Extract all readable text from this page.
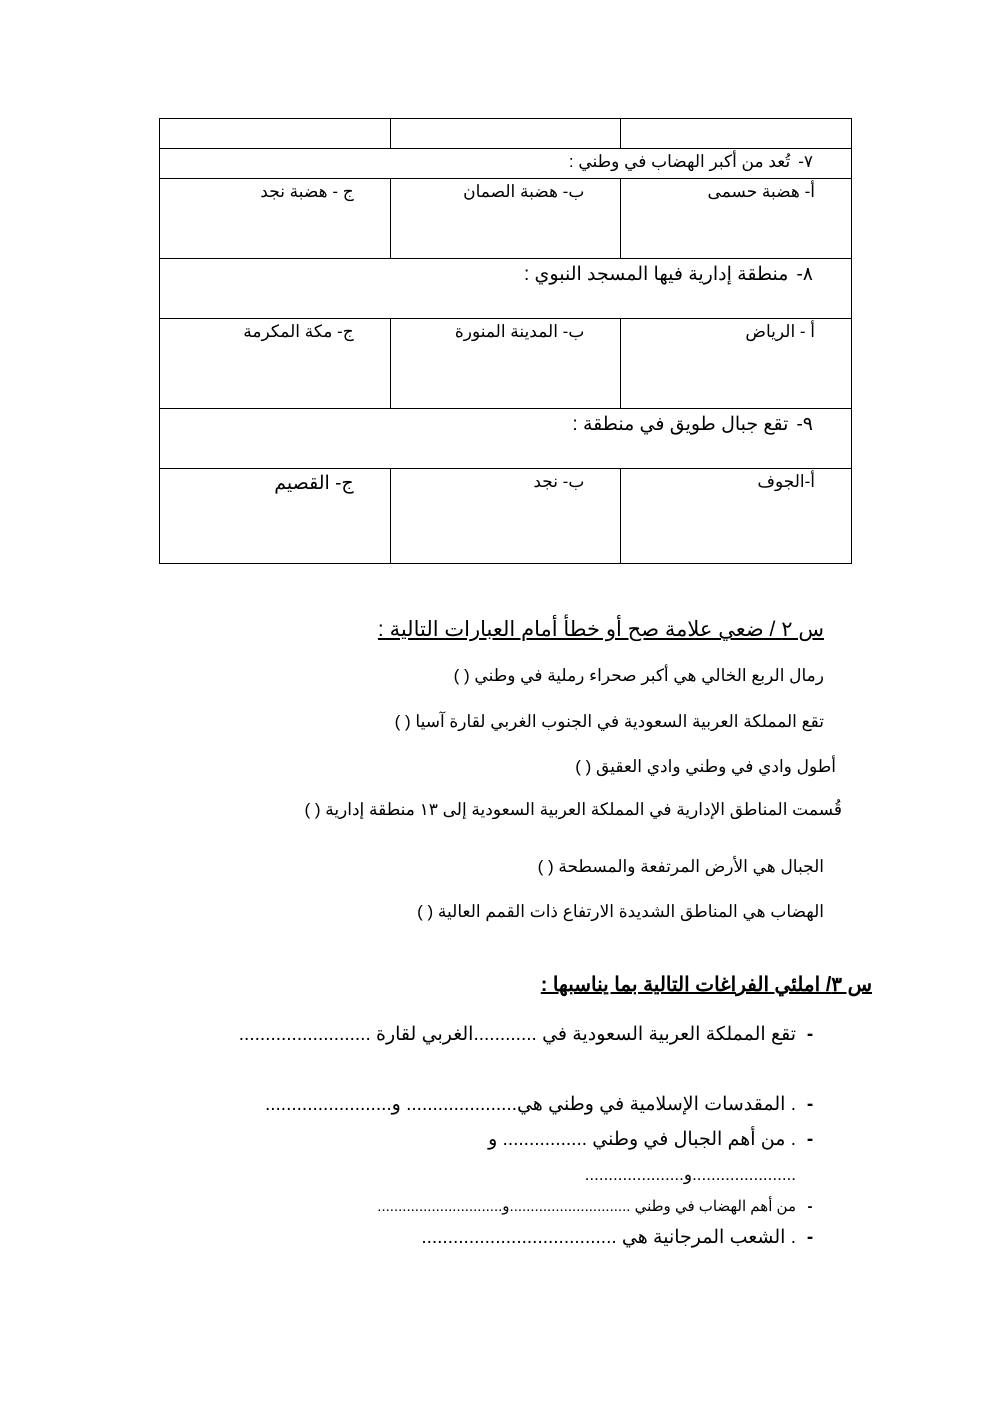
٧-تُعد من أكبر الهضاب في وطني :		
أ- هضبة حسمى	ب- هضبة الصمان	ج - هضبة نجد
٨-منطقة إدارية فيها المسجد النبوي :		
أ - الرياض	ب- المدينة المنورة	ج- مكة المكرمة
٩-تقع جبال طويق في منطقة :		
أ-الجوف	ب- نجد	ج- القصيم
س ٢ / ضعي علامة صح أو خطأ أمام العبارات التالية :
رمال الربع الخالي هي أكبر صحراء رملية في وطني ( )
تقع المملكة العربية السعودية في الجنوب الغربي لقارة آسيا ( )
أطول وادي في وطني وادي العقيق ( )
قُسمت المناطق الإدارية في المملكة العربية السعودية إلى ١٣ منطقة إدارية ( )
الجبال هي الأرض المرتفعة والمسطحة ( )
الهضاب هي المناطق الشديدة الارتفاع ذات القمم العالية ( )
س ٣/ املئي الفراغات التالية بما يناسبها :
-تقع المملكة العربية السعودية في ............الغربي لقارة .........................
-. المقدسات الإسلامية في وطني هي..................... و........................
-. من أهم الجبال في وطني ................ و
......................و.....................
-من أهم الهضاب في وطني .............................و..............................
-. الشعب المرجانية هي .....................................
